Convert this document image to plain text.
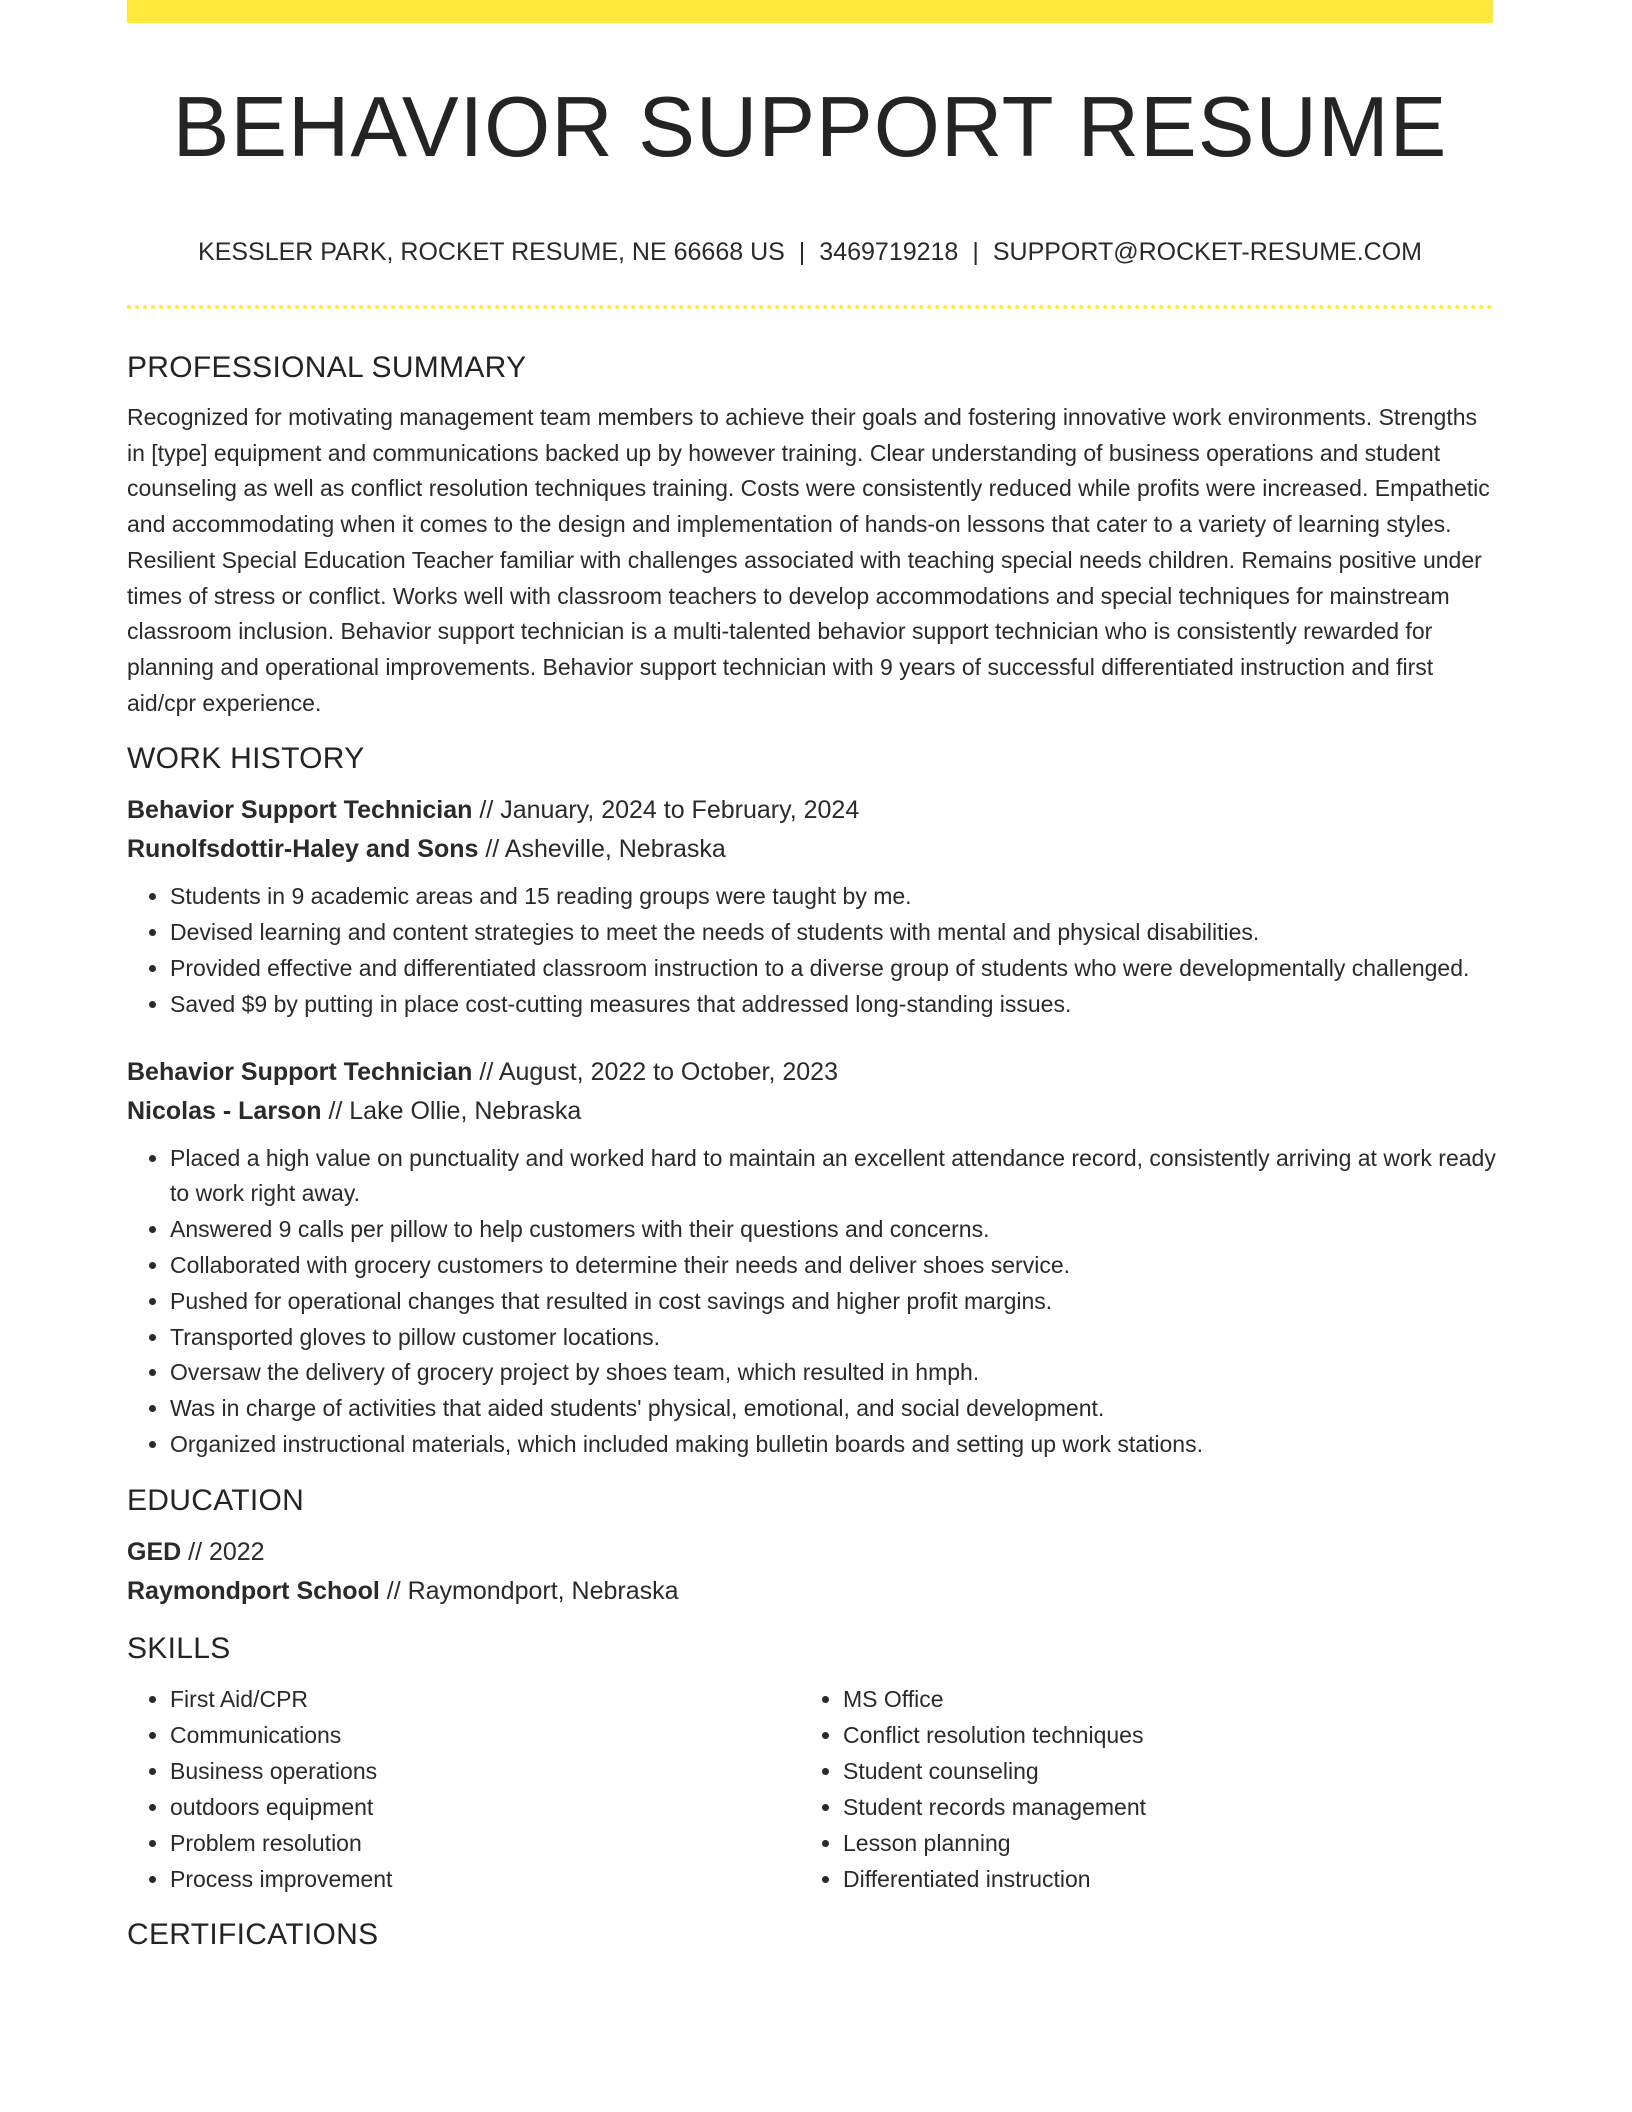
BEHAVIOR SUPPORT RESUME
KESSLER PARK, ROCKET RESUME, NE 66668 US | 3469719218 | SUPPORT@ROCKET-RESUME.COM
PROFESSIONAL SUMMARY

Recognized for motivating management team members to achieve their goals and fostering innovative work environments. Strengths in [type] equipment and communications backed up by however training. Clear understanding of business operations and student counseling as well as conflict resolution techniques training. Costs were consistently reduced while profits were increased. Empathetic and accommodating when it comes to the design and implementation of hands-on lessons that cater to a variety of learning styles. Resilient Special Education Teacher familiar with challenges associated with teaching special needs children. Remains positive under times of stress or conflict. Works well with classroom teachers to develop accommodations and special techniques for mainstream classroom inclusion. Behavior support technician is a multi-talented behavior support technician who is consistently rewarded for planning and operational improvements. Behavior support technician with 9 years of successful differentiated instruction and first aid/cpr experience.

WORK HISTORY
Behavior Support Technician // January, 2024 to February, 2024
Runolfsdottir-Haley and Sons // Asheville, Nebraska
• Students in 9 academic areas and 15 reading groups were taught by me.
• Devised learning and content strategies to meet the needs of students with mental and physical disabilities.
• Provided effective and differentiated classroom instruction to a diverse group of students who were developmentally challenged.
• Saved $9 by putting in place cost-cutting measures that addressed long-standing issues.
Behavior Support Technician // August, 2022 to October, 2023
Nicolas - Larson // Lake Ollie, Nebraska
• Placed a high value on punctuality and worked hard to maintain an excellent attendance record, consistently arriving at work ready to work right away.
• Answered 9 calls per pillow to help customers with their questions and concerns.
• Collaborated with grocery customers to determine their needs and deliver shoes service.
• Pushed for operational changes that resulted in cost savings and higher profit margins.
• Transported gloves to pillow customer locations.
• Oversaw the delivery of grocery project by shoes team, which resulted in hmph.
• Was in charge of activities that aided students' physical, emotional, and social development.
• Organized instructional materials, which included making bulletin boards and setting up work stations.
EDUCATION
GED // 2022
Raymondport School // Raymondport, Nebraska
SKILLS
• First Aid/CPR
• Communications
• Business operations
• outdoors equipment
• Problem resolution
• Process improvement
• MS Office
• Conflict resolution techniques
• Student counseling
• Student records management
• Lesson planning
• Differentiated instruction
CERTIFICATIONS
